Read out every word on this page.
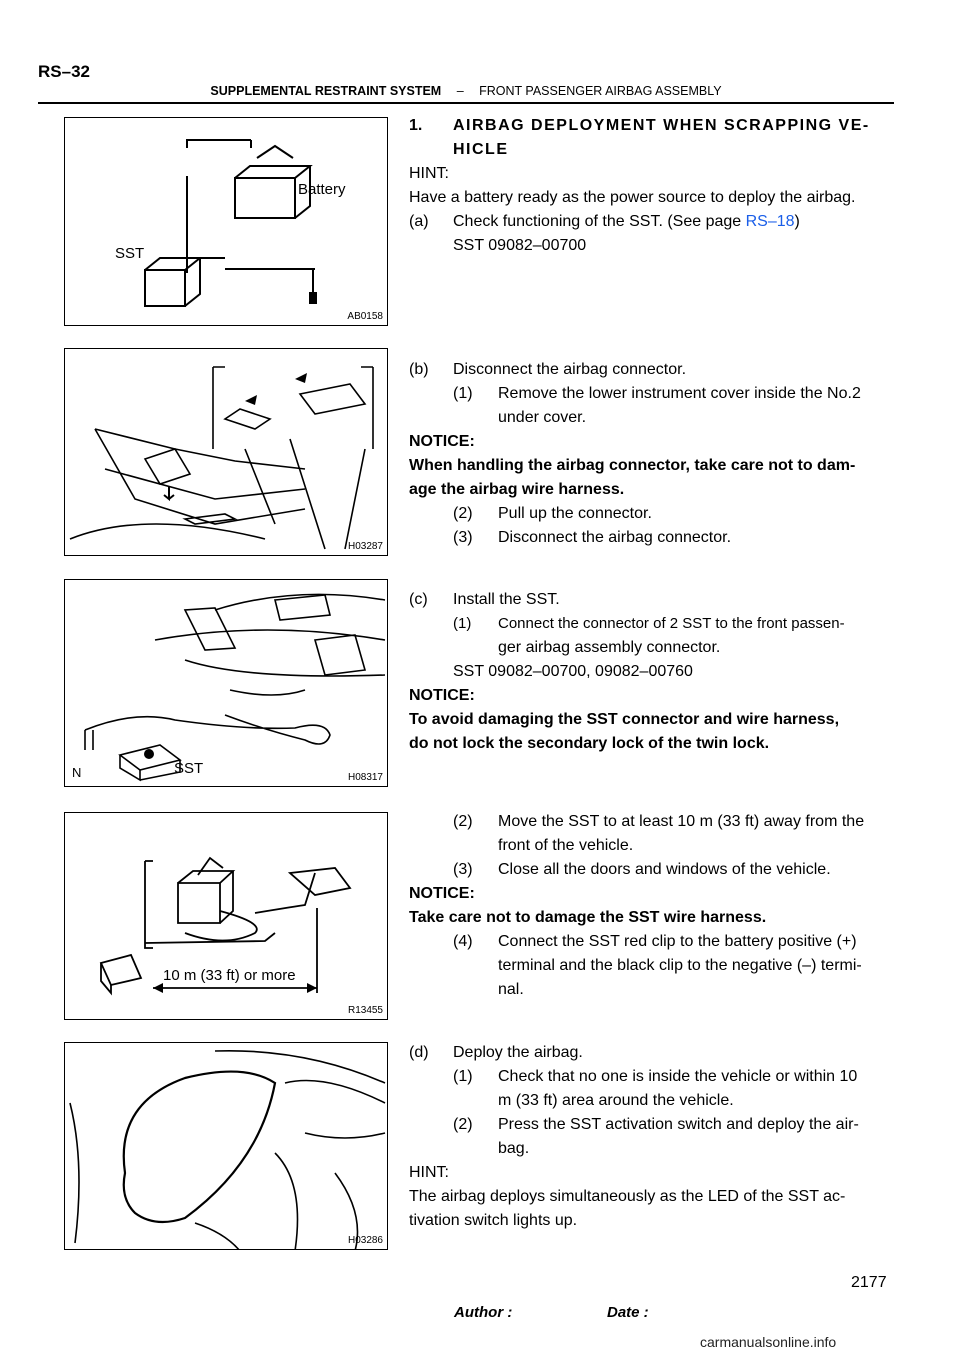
RS–32
SUPPLEMENTAL RESTRAINT SYSTEM – FRONT PASSENGER AIRBAG ASSEMBLY
Battery
SST
AB0158
H03287
N	SST
H08317
10 m (33 ft) or more
R13455
H03286
1. AIRBAG DEPLOYMENT WHEN SCRAPPING VE-
HICLE
HINT:
Have a battery ready as the power source to deploy the airbag.
(a) Check functioning of the SST. (See page RS–18)
SST 09082–00700
(b) Disconnect the airbag connector.
(1) Remove the lower instrument cover inside the No.2
under cover.
NOTICE:
When handling the airbag connector, take care not to dam-
age the airbag wire harness.
(2) Pull up the connector.
(3) Disconnect the airbag connector.
(c) Install the SST.
(1) Connect the connector of 2 SST to the front passen-
ger airbag assembly connector.
SST 09082–00700, 09082–00760
NOTICE:
To avoid damaging the SST connector and wire harness,
do not lock the secondary lock of the twin lock.
(2) Move the SST to at least 10 m (33 ft) away from the
front of the vehicle.
(3) Close all the doors and windows of the vehicle.
NOTICE:
Take care not to damage the SST wire harness.
(4) Connect the SST red clip to the battery positive (+)
terminal and the black clip to the negative (–) termi-
nal.
(d) Deploy the airbag.
(1) Check that no one is inside the vehicle or within 10
m (33 ft) area around the vehicle.
(2) Press the SST activation switch and deploy the air-
bag.
HINT:
The airbag deploys simultaneously as the LED of the SST ac-
tivation switch lights up.
Author :	Date :
2177
carmanualsonline.info
